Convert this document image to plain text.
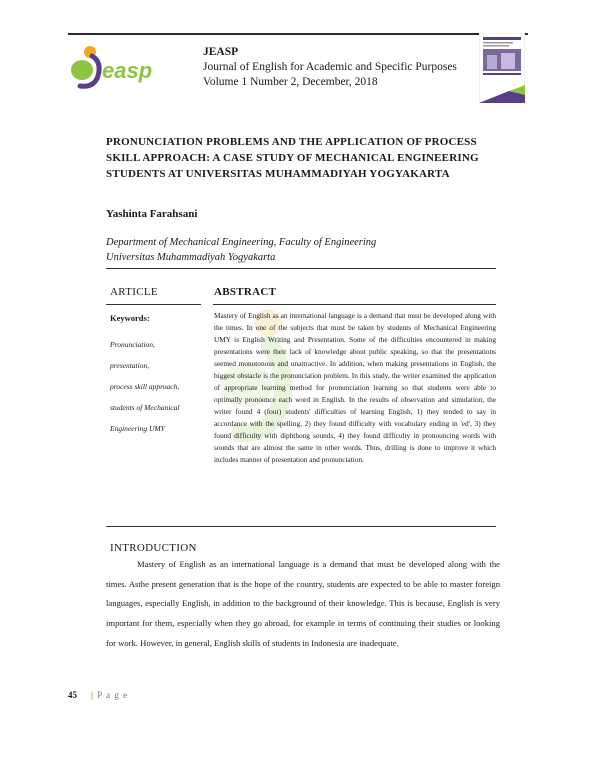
easp
JEASP
Journal of English for Academic and Specific Purposes
Volume 1 Number 2, December, 2018
PRONUNCIATION PROBLEMS AND THE APPLICATION OF PROCESS SKILL APPROACH: A CASE STUDY OF MECHANICAL ENGINEERING STUDENTS AT UNIVERSITAS MUHAMMADIYAH YOGYAKARTA
Yashinta Farahsani
Department of Mechanical Engineering, Faculty of Engineering
Universitas Muhammadiyah Yogyakarta
ARTICLE
Keywords:
Pronunciation,
presentation,
process skill approach,
students of Mechanical
Engineering UMY
ABSTRACT
Mastery of English as an international language is a demand that must be developed along with the times. In one of the subjects that must be taken by students of Mechanical Engineering UMY is English Writing and Presentation. Some of the difficulties encountered in making presentations were their lack of knowledge about public speaking, so that the presentations seemed monotonous and unattractive. In addition, when making presentations in English, the biggest obstacle is the pronunciation problem. In this study, the writer examined the application of appropriate learning method for pronunciation learning so that students were able to optimally pronounce each word in English. In the results of observation and simulation, the writer found 4 (four) students' difficulties of learning English, 1) they tended to say in accordance with the spelling, 2) they found difficulty with vocabulary ending in 'ed', 3) they found difficulty with diphthong sounds, 4) they found difficulty in pronouncing words with sounds that are almost the same in other words. Thus, drilling is done to improve it which includes manner of presentation and pronunciation.
INTRODUCTION
Mastery of English as an international language is a demand that must be developed along with the times. Asthe present generation that is the hope of the country, students are expected to be able to master foreign languages, especially English, in addition to the background of their knowledge. This is because, English is very important for them, especially when they go abroad, for example in terms of continuing their studies or looking for work. However, in general, English skills of students in Indonesia are inadequate.
45 | P a g e
